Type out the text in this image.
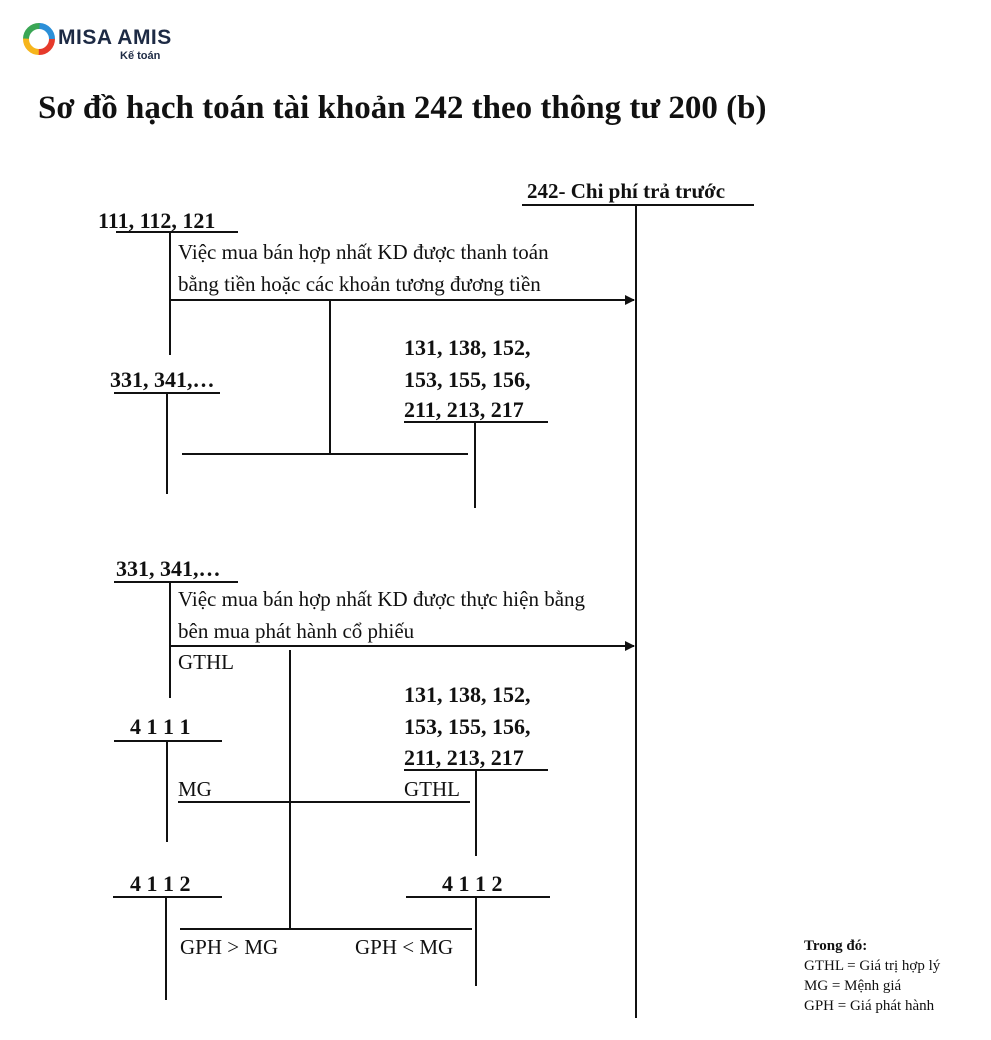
MISA AMIS
Kế toán
Sơ đồ hạch toán tài khoản 242 theo thông tư 200 (b)
242- Chi phí trả trước
111, 112, 121
Việc mua bán hợp nhất KD được thanh toán
bằng tiền hoặc các khoản tương đương tiền
331, 341,…
131, 138, 152,
153, 155, 156,
211, 213, 217
331, 341,…
Việc mua bán hợp nhất KD được thực hiện bằng
bên mua phát hành cổ phiếu
GTHL
131, 138, 152,
153, 155, 156,
211, 213, 217
4 1 1 1
MG	GTHL
4 1 1 2	4 1 1 2
GPH > MG	GPH < MG	Trong đó:
GTHL = Giá trị hợp lý
MG = Mệnh giá
GPH = Giá phát hành
